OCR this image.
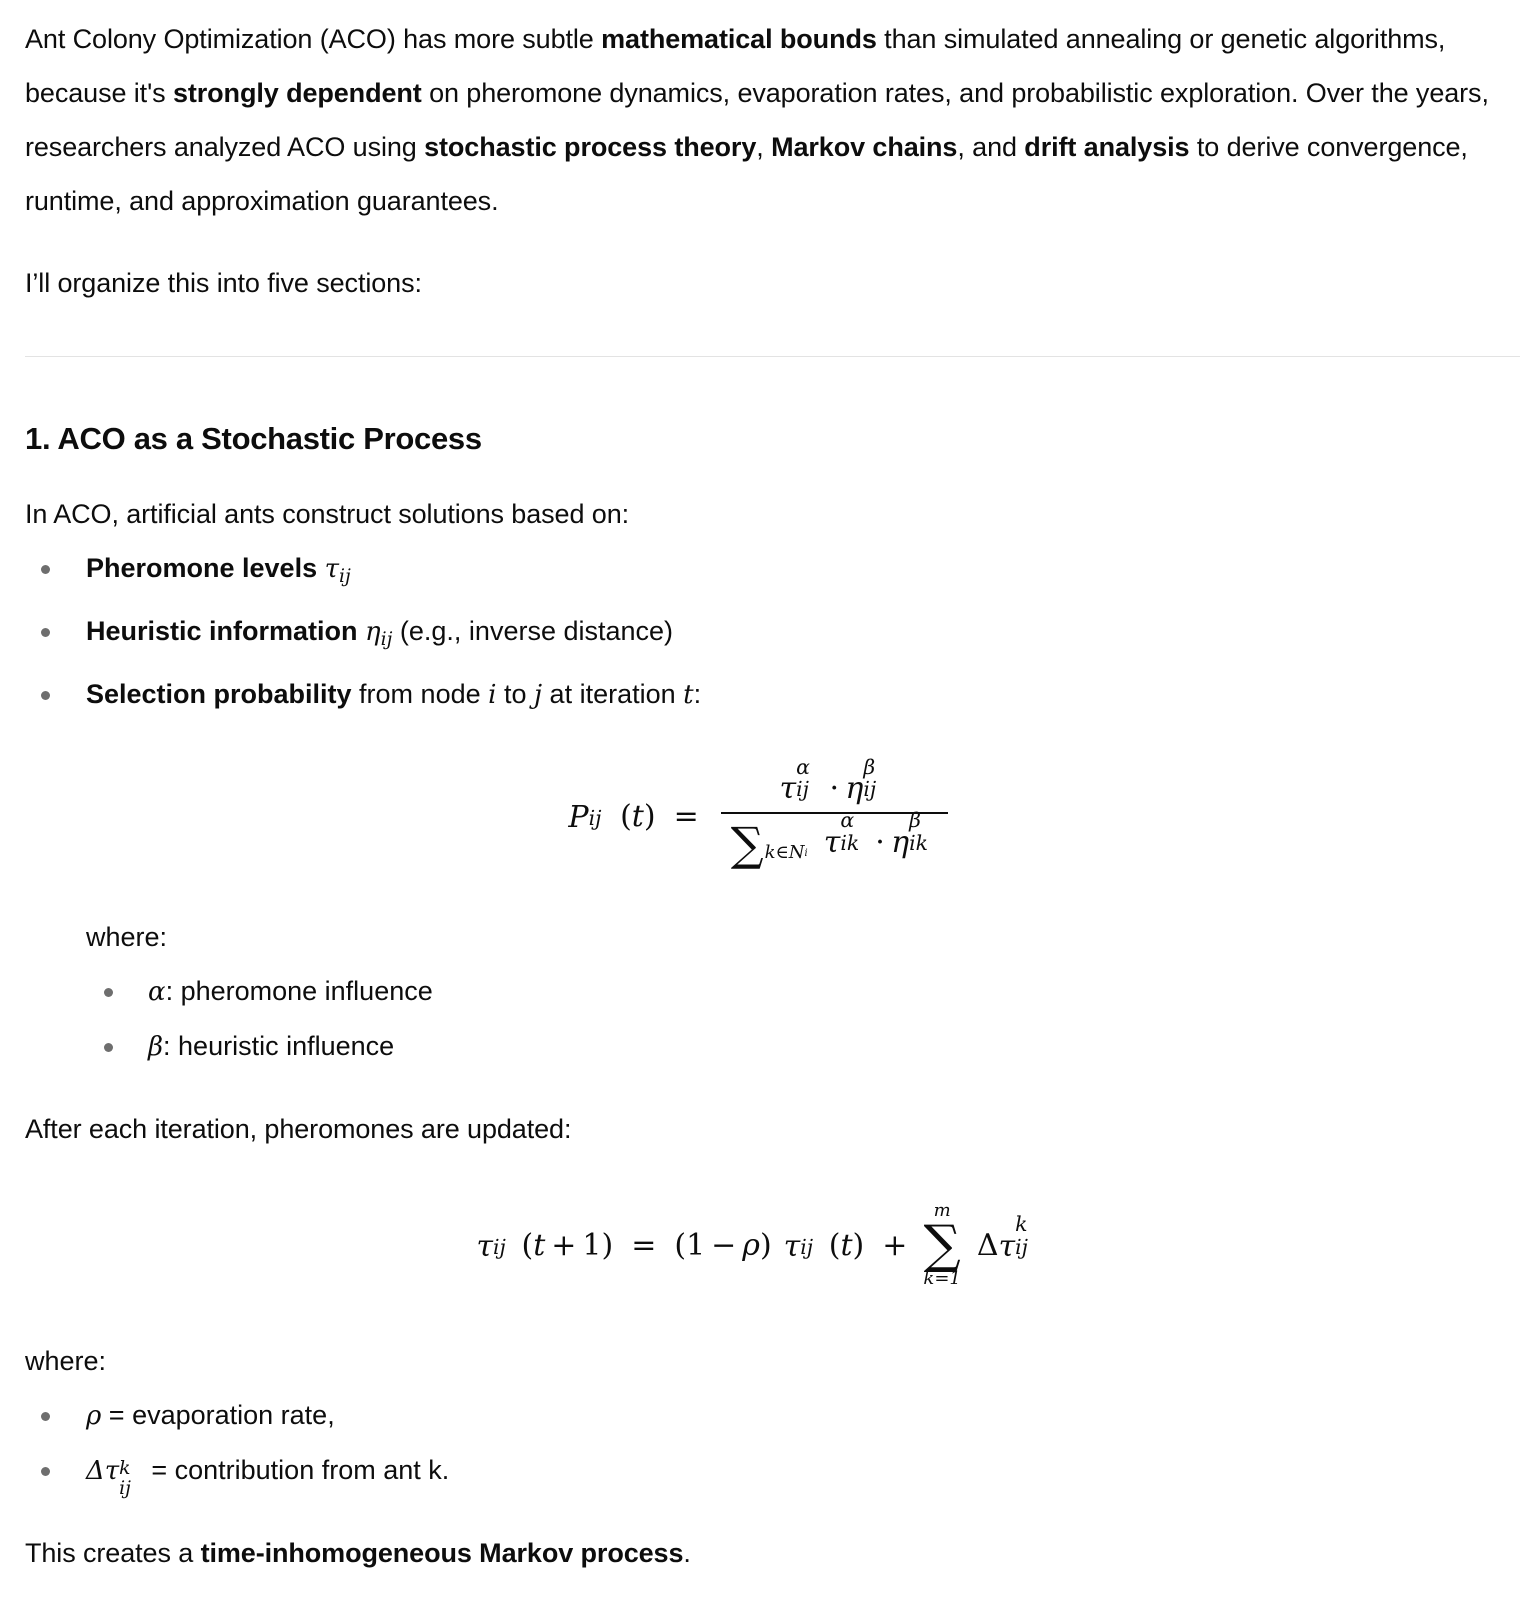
Ant Colony Optimization (ACO) has more subtle mathematical bounds than simulated annealing or genetic algorithms, because it's strongly dependent on pheromone dynamics, evaporation rates, and probabilistic exploration. Over the years, researchers analyzed ACO using stochastic process theory, Markov chains, and drift analysis to derive convergence, runtime, and approximation guarantees.

I’ll organize this into five sections:

1. ACO as a Stochastic Process

In ACO, artificial ants construct solutions based on:

Pheromone levels 𝜏$_{ij}$
Heuristic information 𝜂$_{ij}$ (e.g., inverse distance)
Selection probability from node i to j at iteration t:
P ij ( t ) = 𝜏
α
ij ⋅ 𝜂
β
ij
∑ k∈N i 𝜏
α
ik ⋅ 𝜂
β
ik

where:

α: pheromone influence
β: heuristic influence

After each iteration, pheromones are updated:

𝜏 ij ( t + 1 ) = ( 1 − ρ ) 𝜏 ij ( t ) +
m
∑
k=1
Δ 𝜏
k
ij

where:

𝜌 = evaporation rate,
Δ𝜏 k
ij
= contribution from ant k.

This creates a time-inhomogeneous Markov process.
